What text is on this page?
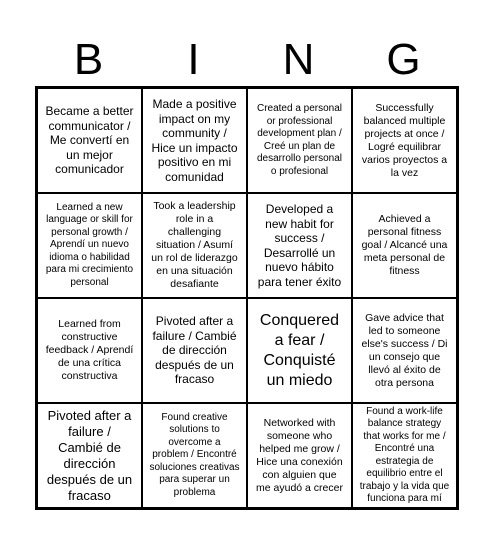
B	I	N	G
Became a better communicator / Me convertí en un mejor comunicador
Made a positive impact on my community / Hice un impacto positivo en mi comunidad
Created a personal or professional development plan / Creé un plan de desarrollo personal o profesional
Successfully balanced multiple projects at once / Logré equilibrar varios proyectos a la vez
Learned a new language or skill for personal growth / Aprendí un nuevo idioma o habilidad para mi crecimiento personal
Took a leadership role in a challenging situation / Asumí un rol de liderazgo en una situación desafiante
Developed a new habit for success / Desarrollé un nuevo hábito para tener éxito
Achieved a personal fitness goal / Alcancé una meta personal de fitness
Learned from constructive feedback / Aprendí de una crítica constructiva
Pivoted after a failure / Cambié de dirección después de un fracaso
Conquered a fear / Conquisté un miedo
Gave advice that led to someone else's success / Di un consejo que llevó al éxito de otra persona
Pivoted after a failure / Cambié de dirección después de un fracaso
Found creative solutions to overcome a problem / Encontré soluciones creativas para superar un problema
Networked with someone who helped me grow / Hice una conexión con alguien que me ayudó a crecer
Found a work-life balance strategy that works for me / Encontré una estrategia de equilibrio entre el trabajo y la vida que funciona para mí
